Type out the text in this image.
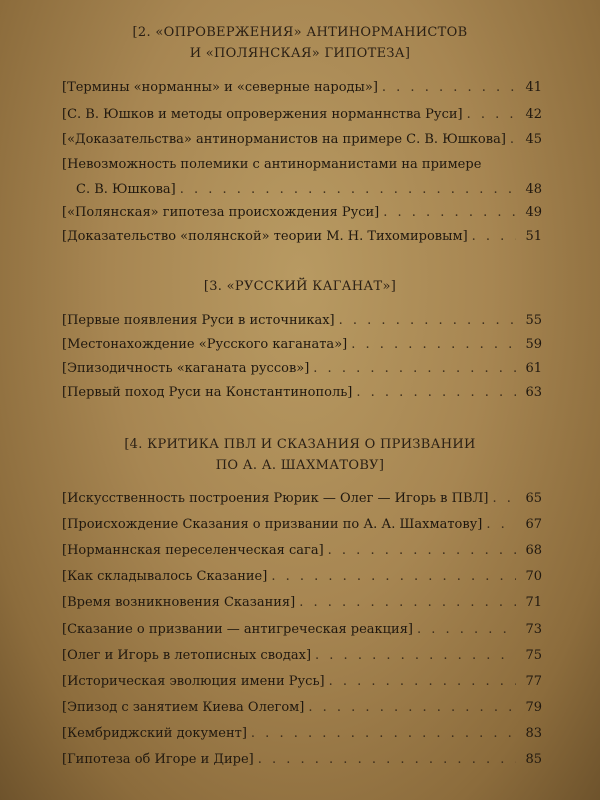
[2. «ОПРОВЕРЖЕНИЯ» АНТИНОРМАНИСТОВ
И «ПОЛЯНСКАЯ» ГИПОТЕЗА]
[Термины «норманны» и «северные народы»] . . .	41
[С. В. Юшков и методы опровержения норманнства Руси] . . .	42
[«Доказательства» антинорманистов на примере С. В. Юшкова] . . . 45
[Невозможность полемики с антинорманистами на примере
С. В. Юшкова] . . .	48
[«Полянская» гипотеза происхождения Руси] . . .	49
[Доказательство «полянской» теории М. Н. Тихомировым] . . .	51
[3. «РУССКИЙ КАГАНАТ»]
[Первые появления Руси в источниках] . . .	55
[Местонахождение «Русского каганата»] . . .	59
[Эпизодичность «каганата руссов»] . . .	61
[Первый поход Руси на Константинополь] . . .	63
[4. КРИТИКА ПВЛ И СКАЗАНИЯ О ПРИЗВАНИИ
ПО А. А. ШАХМАТОВУ]
[Искусственность построения Рюрик — Олег — Игорь в ПВЛ] . . .	65
[Происхождение Сказания о призвании по А. А. Шахматову] . . .	67
[Норманнская переселенческая сага] . . .	68
[Как складывалось Сказание] . . .	70
[Время возникновения Сказания] . . .	71
[Сказание о призвании — антигреческая реакция] . . .	73
[Олег и Игорь в летописных сводах] . . .	75
[Историческая эволюция имени Русь] . . .	77
[Эпизод с занятием Киева Олегом] . . .	79
[Кембриджский документ] . . .	83
[Гипотеза об Игоре и Дире] . . .	85
